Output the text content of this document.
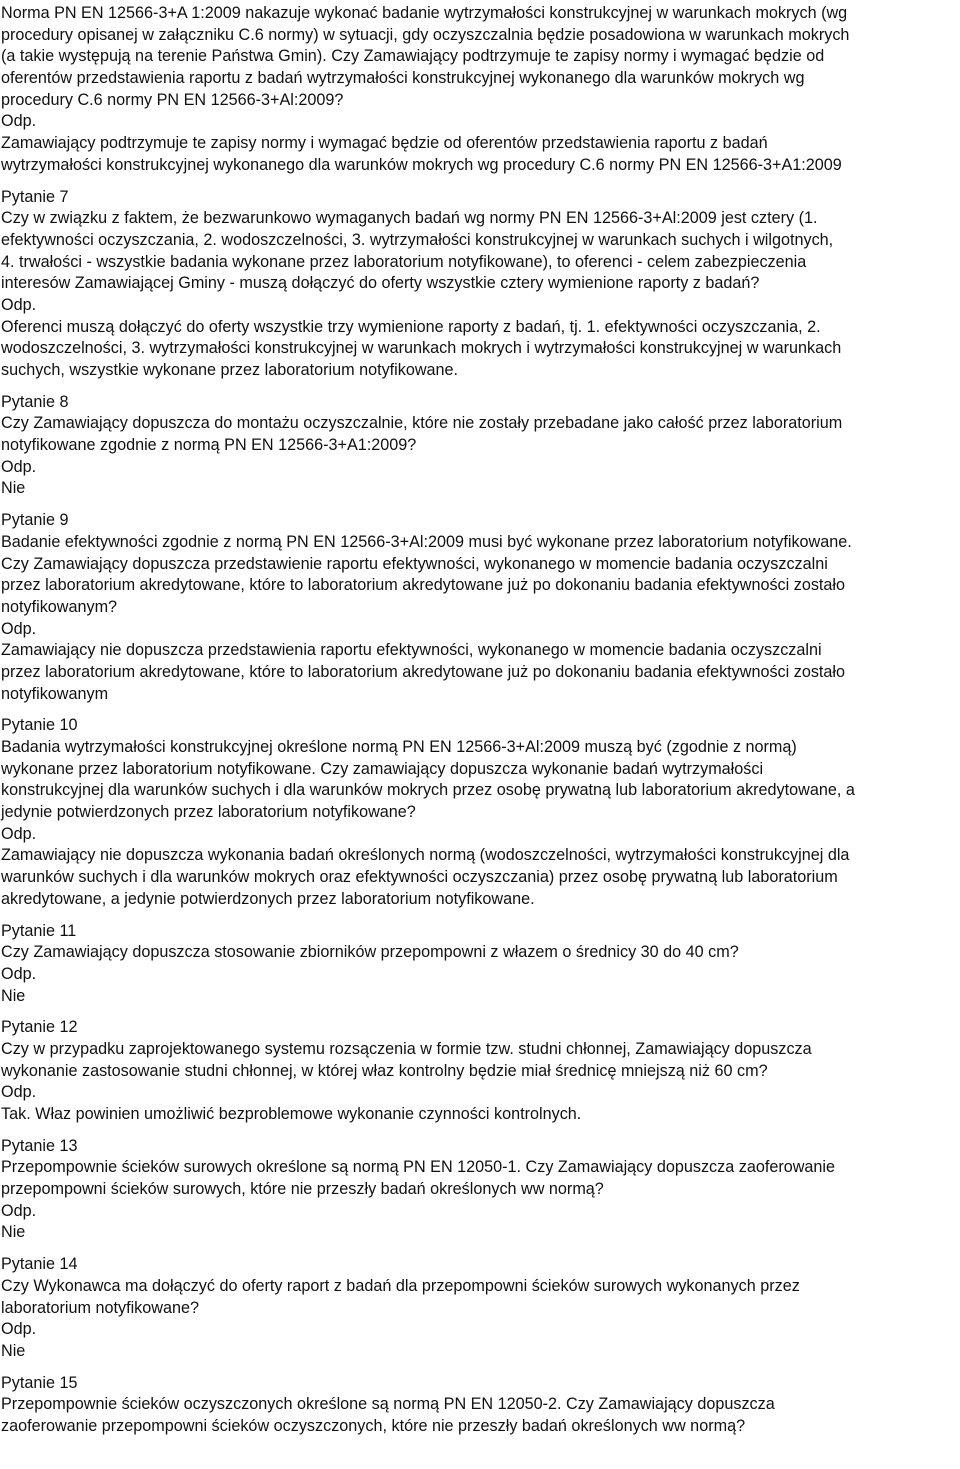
Norma PN EN 12566-3+A 1:2009 nakazuje wykonać badanie wytrzymałości konstrukcyjnej w warunkach mokrych (wg
procedury opisanej w załączniku C.6 normy) w sytuacji, gdy oczyszczalnia będzie posadowiona w warunkach mokrych
(a takie występują na terenie Państwa Gmin). Czy Zamawiający podtrzymuje te zapisy normy i wymagać będzie od
oferentów przedstawienia raportu z badań wytrzymałości konstrukcyjnej wykonanego dla warunków mokrych wg
procedury C.6 normy PN EN 12566-3+Al:2009?
Odp.
Zamawiający podtrzymuje te zapisy normy i wymagać będzie od oferentów przedstawienia raportu z badań
wytrzymałości konstrukcyjnej wykonanego dla warunków mokrych wg procedury C.6 normy PN EN 12566-3+A1:2009
Pytanie 7
Czy w związku z faktem, że bezwarunkowo wymaganych badań wg normy PN EN 12566-3+Al:2009 jest cztery (1.
efektywności oczyszczania, 2. wodoszczelności, 3. wytrzymałości konstrukcyjnej w warunkach suchych i wilgotnych,
4. trwałości - wszystkie badania wykonane przez laboratorium notyfikowane), to oferenci - celem zabezpieczenia
interesów Zamawiającej Gminy - muszą dołączyć do oferty wszystkie cztery wymienione raporty z badań?
Odp.
Oferenci muszą dołączyć do oferty wszystkie trzy wymienione raporty z badań, tj. 1. efektywności oczyszczania, 2.
wodoszczelności, 3. wytrzymałości konstrukcyjnej w warunkach mokrych i wytrzymałości konstrukcyjnej w warunkach
suchych, wszystkie wykonane przez laboratorium notyfikowane.
Pytanie 8
Czy Zamawiający dopuszcza do montażu oczyszczalnie, które nie zostały przebadane jako całość przez laboratorium
notyfikowane zgodnie z normą PN EN 12566-3+A1:2009?
Odp.
Nie
Pytanie 9
Badanie efektywności zgodnie z normą PN EN 12566-3+Al:2009 musi być wykonane przez laboratorium notyfikowane.
Czy Zamawiający dopuszcza przedstawienie raportu efektywności, wykonanego w momencie badania oczyszczalni
przez laboratorium akredytowane, które to laboratorium akredytowane już po dokonaniu badania efektywności zostało
notyfikowanym?
Odp.
Zamawiający nie dopuszcza przedstawienia raportu efektywności, wykonanego w momencie badania oczyszczalni
przez laboratorium akredytowane, które to laboratorium akredytowane już po dokonaniu badania efektywności zostało
notyfikowanym
Pytanie 10
Badania wytrzymałości konstrukcyjnej określone normą PN EN 12566-3+Al:2009 muszą być (zgodnie z normą)
wykonane przez laboratorium notyfikowane. Czy zamawiający dopuszcza wykonanie badań wytrzymałości
konstrukcyjnej dla warunków suchych i dla warunków mokrych przez osobę prywatną lub laboratorium akredytowane, a
jedynie potwierdzonych przez laboratorium notyfikowane?
Odp.
Zamawiający nie dopuszcza wykonania badań określonych normą (wodoszczelności, wytrzymałości konstrukcyjnej dla
warunków suchych i dla warunków mokrych oraz efektywności oczyszczania) przez osobę prywatną lub laboratorium
akredytowane, a jedynie potwierdzonych przez laboratorium notyfikowane.
Pytanie 11
Czy Zamawiający dopuszcza stosowanie zbiorników przepompowni z włazem o średnicy 30 do 40 cm?
Odp.
Nie
Pytanie 12
Czy w przypadku zaprojektowanego systemu rozsączenia w formie tzw. studni chłonnej, Zamawiający dopuszcza
wykonanie zastosowanie studni chłonnej, w której właz kontrolny będzie miał średnicę mniejszą niż 60 cm?
Odp.
Tak. Właz powinien umożliwić bezproblemowe wykonanie czynności kontrolnych.
Pytanie 13
Przepompownie ścieków surowych określone są normą PN EN 12050-1. Czy Zamawiający dopuszcza zaoferowanie
przepompowni ścieków surowych, które nie przeszły badań określonych ww normą?
Odp.
Nie
Pytanie 14
Czy Wykonawca ma dołączyć do oferty raport z badań dla przepompowni ścieków surowych wykonanych przez
laboratorium notyfikowane?
Odp.
Nie
Pytanie 15
Przepompownie ścieków oczyszczonych określone są normą PN EN 12050-2. Czy Zamawiający dopuszcza
zaoferowanie przepompowni ścieków oczyszczonych, które nie przeszły badań określonych ww normą?
